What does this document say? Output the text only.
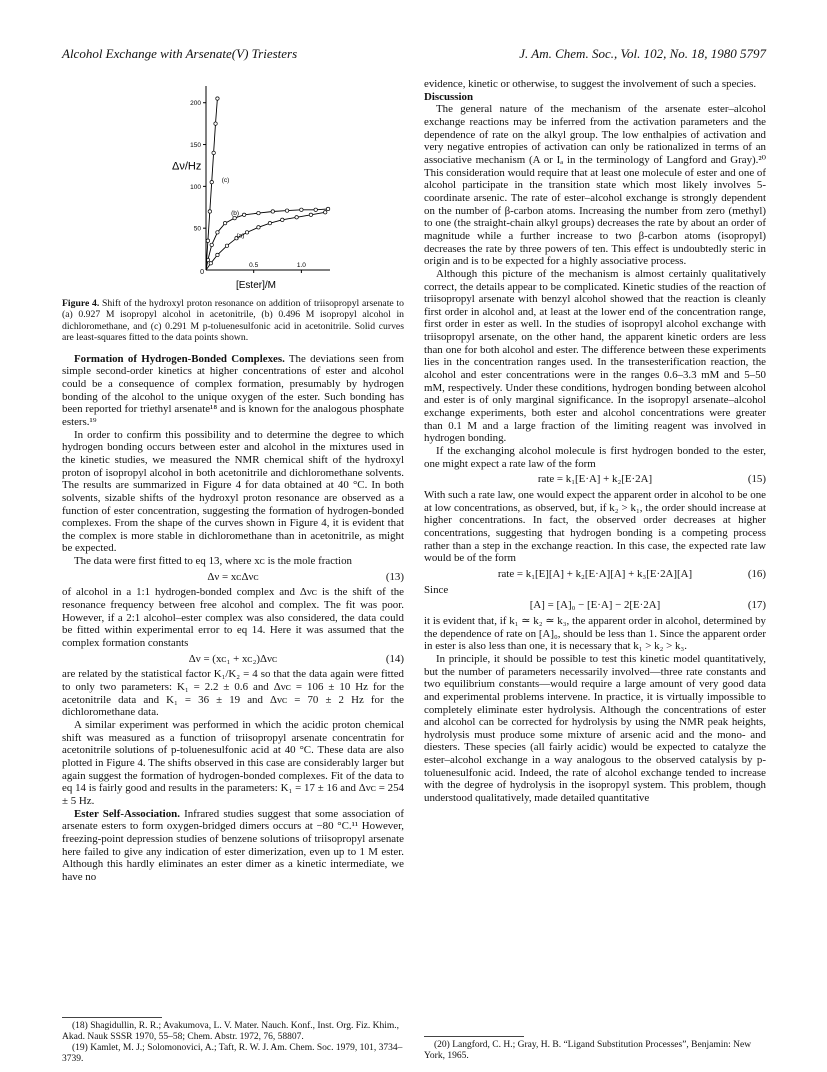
Alcohol Exchange with Arsenate(V) Triesters	J. Am. Chem. Soc., Vol. 102, No. 18, 1980 5797
200
150
100
50
0.5	1.0
0
Δν/Hz
[Ester]/M
(a)
(b)
(c)

Figure 4. Shift of the hydroxyl proton resonance on addition of triisopropyl arsenate to (a) 0.927 M isopropyl alcohol in acetonitrile, (b) 0.496 M isopropyl alcohol in dichloromethane, and (c) 0.291 M p-toluenesulfonic acid in acetonitrile. Solid curves are least-squares fitted to the data points shown.

Formation of Hydrogen-Bonded Complexes. The deviations seen from simple second-order kinetics at higher concentrations of ester and alcohol could be a consequence of complex formation, presumably by hydrogen bonding of the alcohol to the unique oxygen of the ester. Such bonding has been reported for triethyl arsenate¹⁸ and is known for the analogous phosphate esters.¹⁹

In order to confirm this possibility and to determine the degree to which hydrogen bonding occurs between ester and alcohol in the mixtures used in the kinetic studies, we measured the NMR chemical shift of the hydroxyl proton of isopropyl alcohol in both acetonitrile and dichloromethane solvents. The results are summarized in Figure 4 for data obtained at 40 °C. In both solvents, sizable shifts of the hydroxyl proton resonance are observed as a function of ester concentration, suggesting the formation of hydrogen-bonded complexes. From the shape of the curves shown in Figure 4, it is evident that the complex is more stable in dichloromethane than in acetonitrile, as might be expected.

The data were first fitted to eq 13, where xᴄ is the mole fraction

Δν = xᴄΔνᴄ	(13)

of alcohol in a 1:1 hydrogen-bonded complex and Δνᴄ is the shift of the resonance frequency between free alcohol and complex. The fit was poor. However, if a 2:1 alcohol–ester complex was also considered, the data could be fitted within experimental error to eq 14. Here it was assumed that the complex formation constants

Δν = (xᴄ₁ + xᴄ₂)Δνᴄ	(14)

are related by the statistical factor K₁/K₂ = 4 so that the data again were fitted to only two parameters: K₁ = 2.2 ± 0.6 and Δνᴄ = 106 ± 10 Hz for the acetonitrile data and K₁ = 36 ± 19 and Δνᴄ = 70 ± 2 Hz for the dichloromethane data.

A similar experiment was performed in which the acidic proton chemical shift was measured as a function of triisopropyl arsenate concentratin for acetonitrile solutions of p-toluenesulfonic acid at 40 °C. These data are also plotted in Figure 4. The shifts observed in this case are considerably larger but again suggest the formation of hydrogen-bonded complexes. Fit of the data to eq 14 is fairly good and results in the parameters: K₁ = 17 ± 16 and Δνᴄ = 254 ± 5 Hz.

Ester Self-Association. Infrared studies suggest that some association of arsenate esters to form oxygen-bridged dimers occurs at −80 °C.¹¹ However, freezing-point depression studies of benzene solutions of triisopropyl arsenate here failed to give any indication of ester dimerization, even up to 1 M ester. Although this hardly eliminates an ester dimer as a kinetic intermediate, we have no

(18) Shagidullin, R. R.; Avakumova, L. V. Mater. Nauch. Konf., Inst. Org. Fiz. Khim., Akad. Nauk SSSR 1970, 55–58; Chem. Abstr. 1972, 76, 58807.

(19) Kamlet, M. J.; Solomonovici, A.; Taft, R. W. J. Am. Chem. Soc. 1979, 101, 3734–3739.

evidence, kinetic or otherwise, to suggest the involvement of such a species.

Discussion

The general nature of the mechanism of the arsenate ester–alcohol exchange reactions may be inferred from the activation parameters and the dependence of rate on the alkyl group. The low enthalpies of activation and very negative entropies of activation can only be rationalized in terms of an associative mechanism (A or Iₐ in the terminology of Langford and Gray).²⁰ This consideration would require that at least one molecule of ester and one of alcohol participate in the transition state which most likely involves 5-coordinate arsenic. The rate of ester–alcohol exchange is strongly dependent on the number of β-carbon atoms. Increasing the number from zero (methyl) to one (the straight-chain alkyl groups) decreases the rate by about an order of magnitude while a further increase to two β-carbon atoms (isopropyl) decreases the rate by three powers of ten. This effect is undoubtedly steric in origin and is to be expected for a highly associative process.

Although this picture of the mechanism is almost certainly qualitatively correct, the details appear to be complicated. Kinetic studies of the reaction of triisopropyl arsenate with benzyl alcohol showed that the reaction is cleanly first order in alcohol and, at least at the lower end of the concentration range, first order in ester as well. In the studies of isopropyl alcohol exchange with triisopropyl arsenate, on the other hand, the apparent kinetic orders are less than one for both alcohol and ester. The difference between these experiments lies in the concentration ranges used. In the transesterification reaction, the alcohol and ester concentrations were in the ranges 0.6–3.3 mM and 5–50 mM, respectively. Under these conditions, hydrogen bonding between alcohol and ester is of only marginal significance. In the isopropyl arsenate–alcohol exchange experiments, both ester and alcohol concentrations were greater than 0.1 M and a large fraction of the limiting reagent was involved in hydrogen bonding.

If the exchanging alcohol molecule is first hydrogen bonded to the ester, one might expect a rate law of the form

rate = k₁[E·A] + k₂[E·2A]	(15)

With such a rate law, one would expect the apparent order in alcohol to be one at low concentrations, as observed, but, if k₂ > k₁, the order should increase at higher concentrations. In fact, the observed order decreases at higher concentrations, suggesting that hydrogen bonding is a competing process rather than a step in the exchange reaction. In this case, the expected rate law would be of the form

rate = k₁[E][A] + k₂[E·A][A] + k₃[E·2A][A]	(16)

Since

[A] = [A]₀ − [E·A] − 2[E·2A]	(17)

it is evident that, if k₁ ≃ k₂ ≃ k₃, the apparent order in alcohol, determined by the dependence of rate on [A]₀, should be less than 1. Since the apparent order in ester is also less than one, it is necessary that k₁ > k₂ > k₃.

In principle, it should be possible to test this kinetic model quantitatively, but the number of parameters necessarily involved—three rate constants and two equilibrium constants—would require a large amount of very good data and experimental problems intervene. In practice, it is virtually impossible to completely eliminate ester hydrolysis. Although the concentrations of ester and alcohol can be corrected for hydrolysis by using the NMR peak heights, hydrolysis must produce some mixture of arsenic acid and the mono- and diesters. These species (all fairly acidic) would be expected to catalyze the ester–alcohol exchange in a way analogous to the observed catalysis by p-toluenesulfonic acid. Indeed, the rate of alcohol exchange tended to increase with the degree of hydrolysis in the isopropyl system. This problem, though understood qualitatively, made detailed quantitative

(20) Langford, C. H.; Gray, H. B. “Ligand Substitution Processes”, Benjamin: New York, 1965.
